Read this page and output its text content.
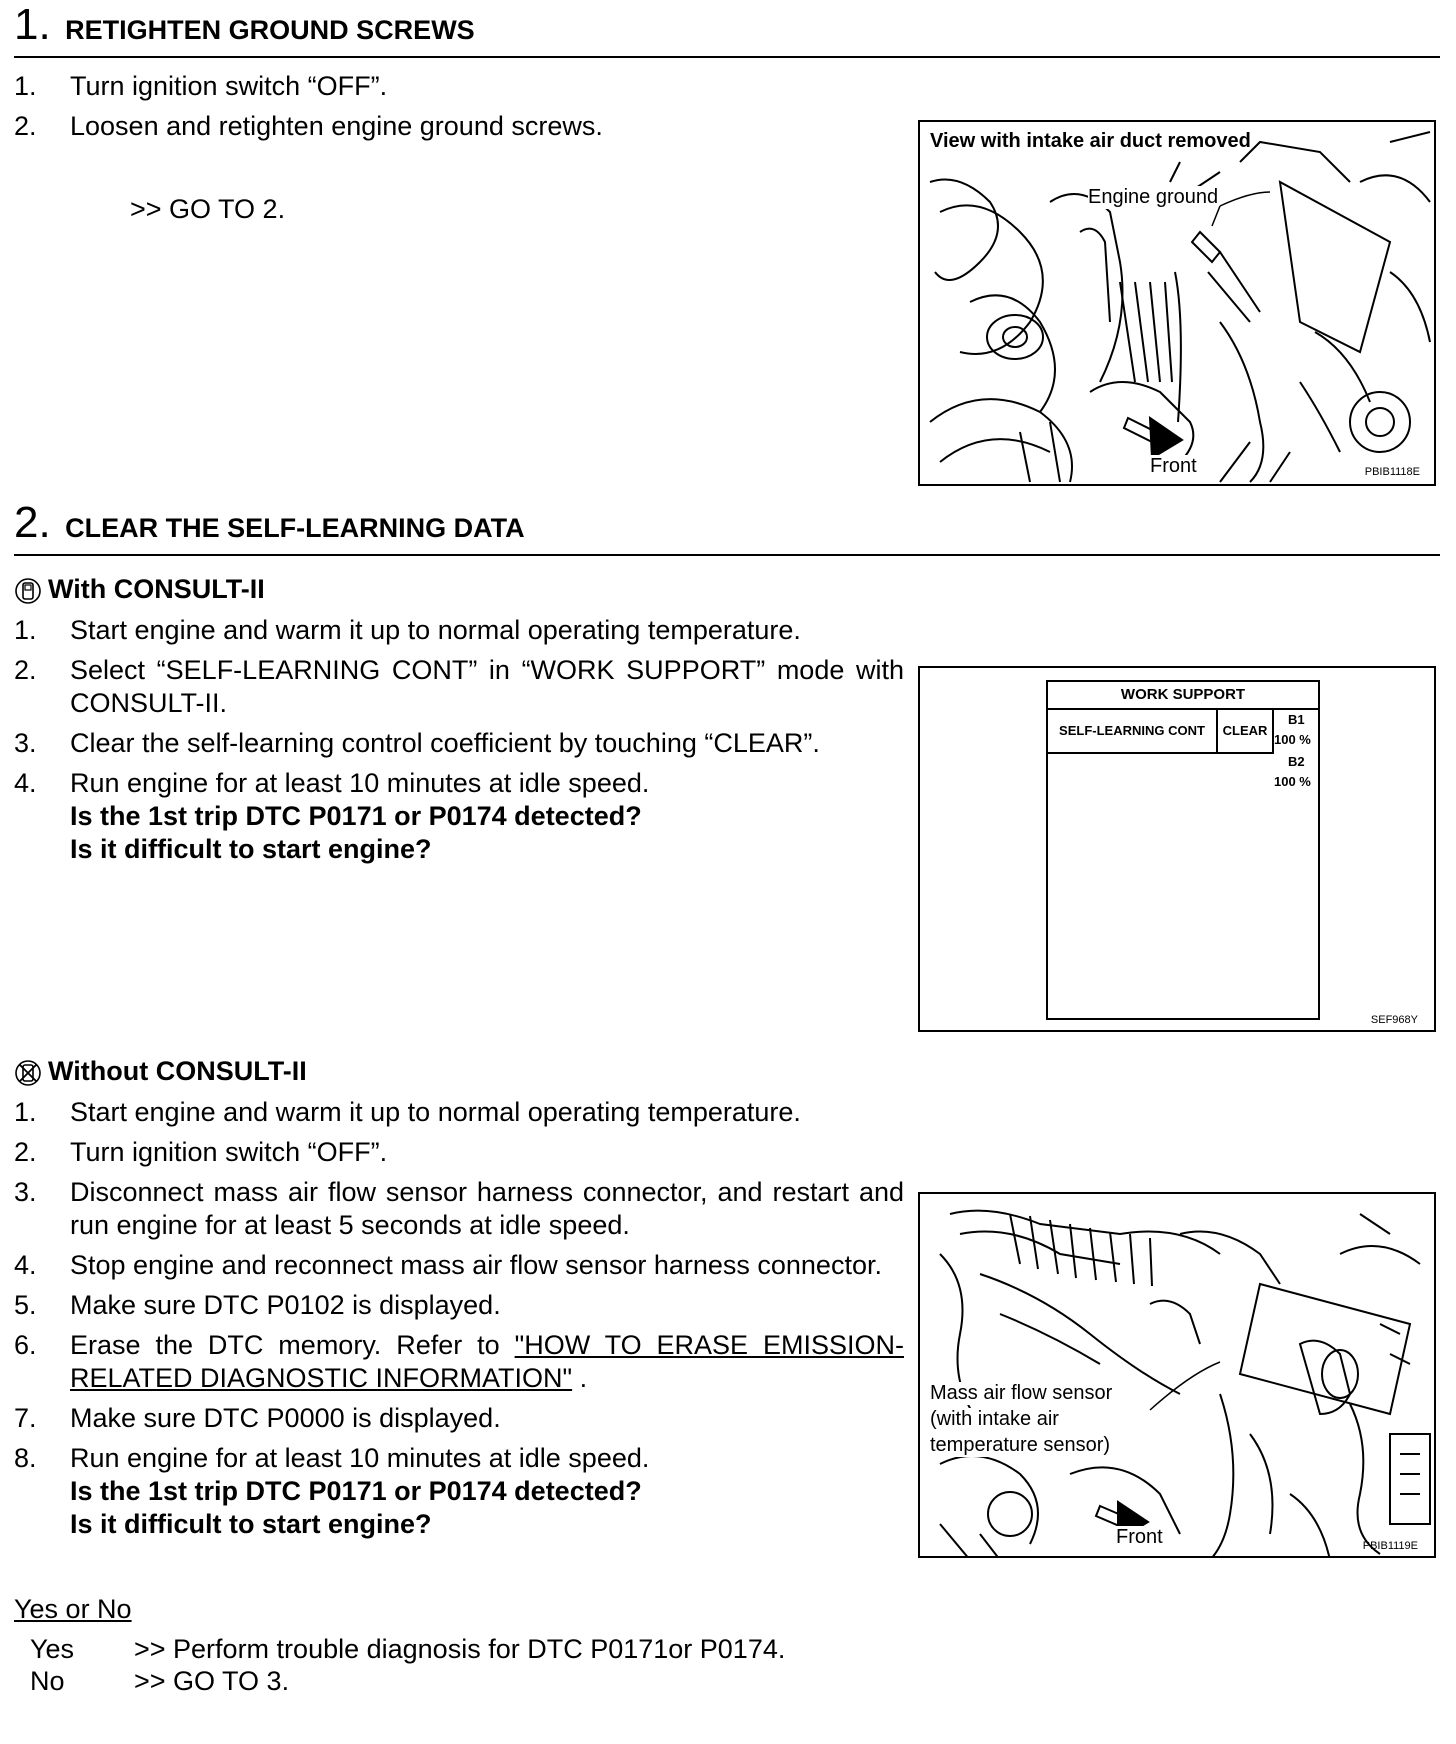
1. RETIGHTEN GROUND SCREWS
1. Turn ignition switch “OFF”.
2. Loosen and retighten engine ground screws.
>> GO TO 2.
View with intake air duct removed
Engine ground
Front	PBIB1118E
2. CLEAR THE SELF-LEARNING DATA
With CONSULT-II
1. Start engine and warm it up to normal operating temperature.
2. Select “SELF-LEARNING CONT” in “WORK SUPPORT” mode with CONSULT-II.
3. Clear the self-learning control coefficient by touching “CLEAR”.
4. Run engine for at least 10 minutes at idle speed.
Is the 1st trip DTC P0171 or P0174 detected?
Is it difficult to start engine?
WORK SUPPORT
SELF-LEARNING CONT	CLEAR
B1
100 %
B2
100 %
SEF968Y
Without CONSULT-II
1. Start engine and warm it up to normal operating temperature.
2. Turn ignition switch “OFF”.
3. Disconnect mass air flow sensor harness connector, and restart and run engine for at least 5 seconds at idle speed.
4. Stop engine and reconnect mass air flow sensor harness connector.
5. Make sure DTC P0102 is displayed.
6. Erase the DTC memory. Refer to "HOW TO ERASE EMISSION-RELATED DIAGNOSTIC INFORMATION" .
7. Make sure DTC P0000 is displayed.
8. Run engine for at least 10 minutes at idle speed.
Is the 1st trip DTC P0171 or P0174 detected?
Is it difficult to start engine?
Mass air flow sensor
(with intake air
temperature sensor)
Front	PBIB1119E
Yes or No
Yes >> Perform trouble diagnosis for DTC P0171or P0174.
No	>> GO TO 3.
